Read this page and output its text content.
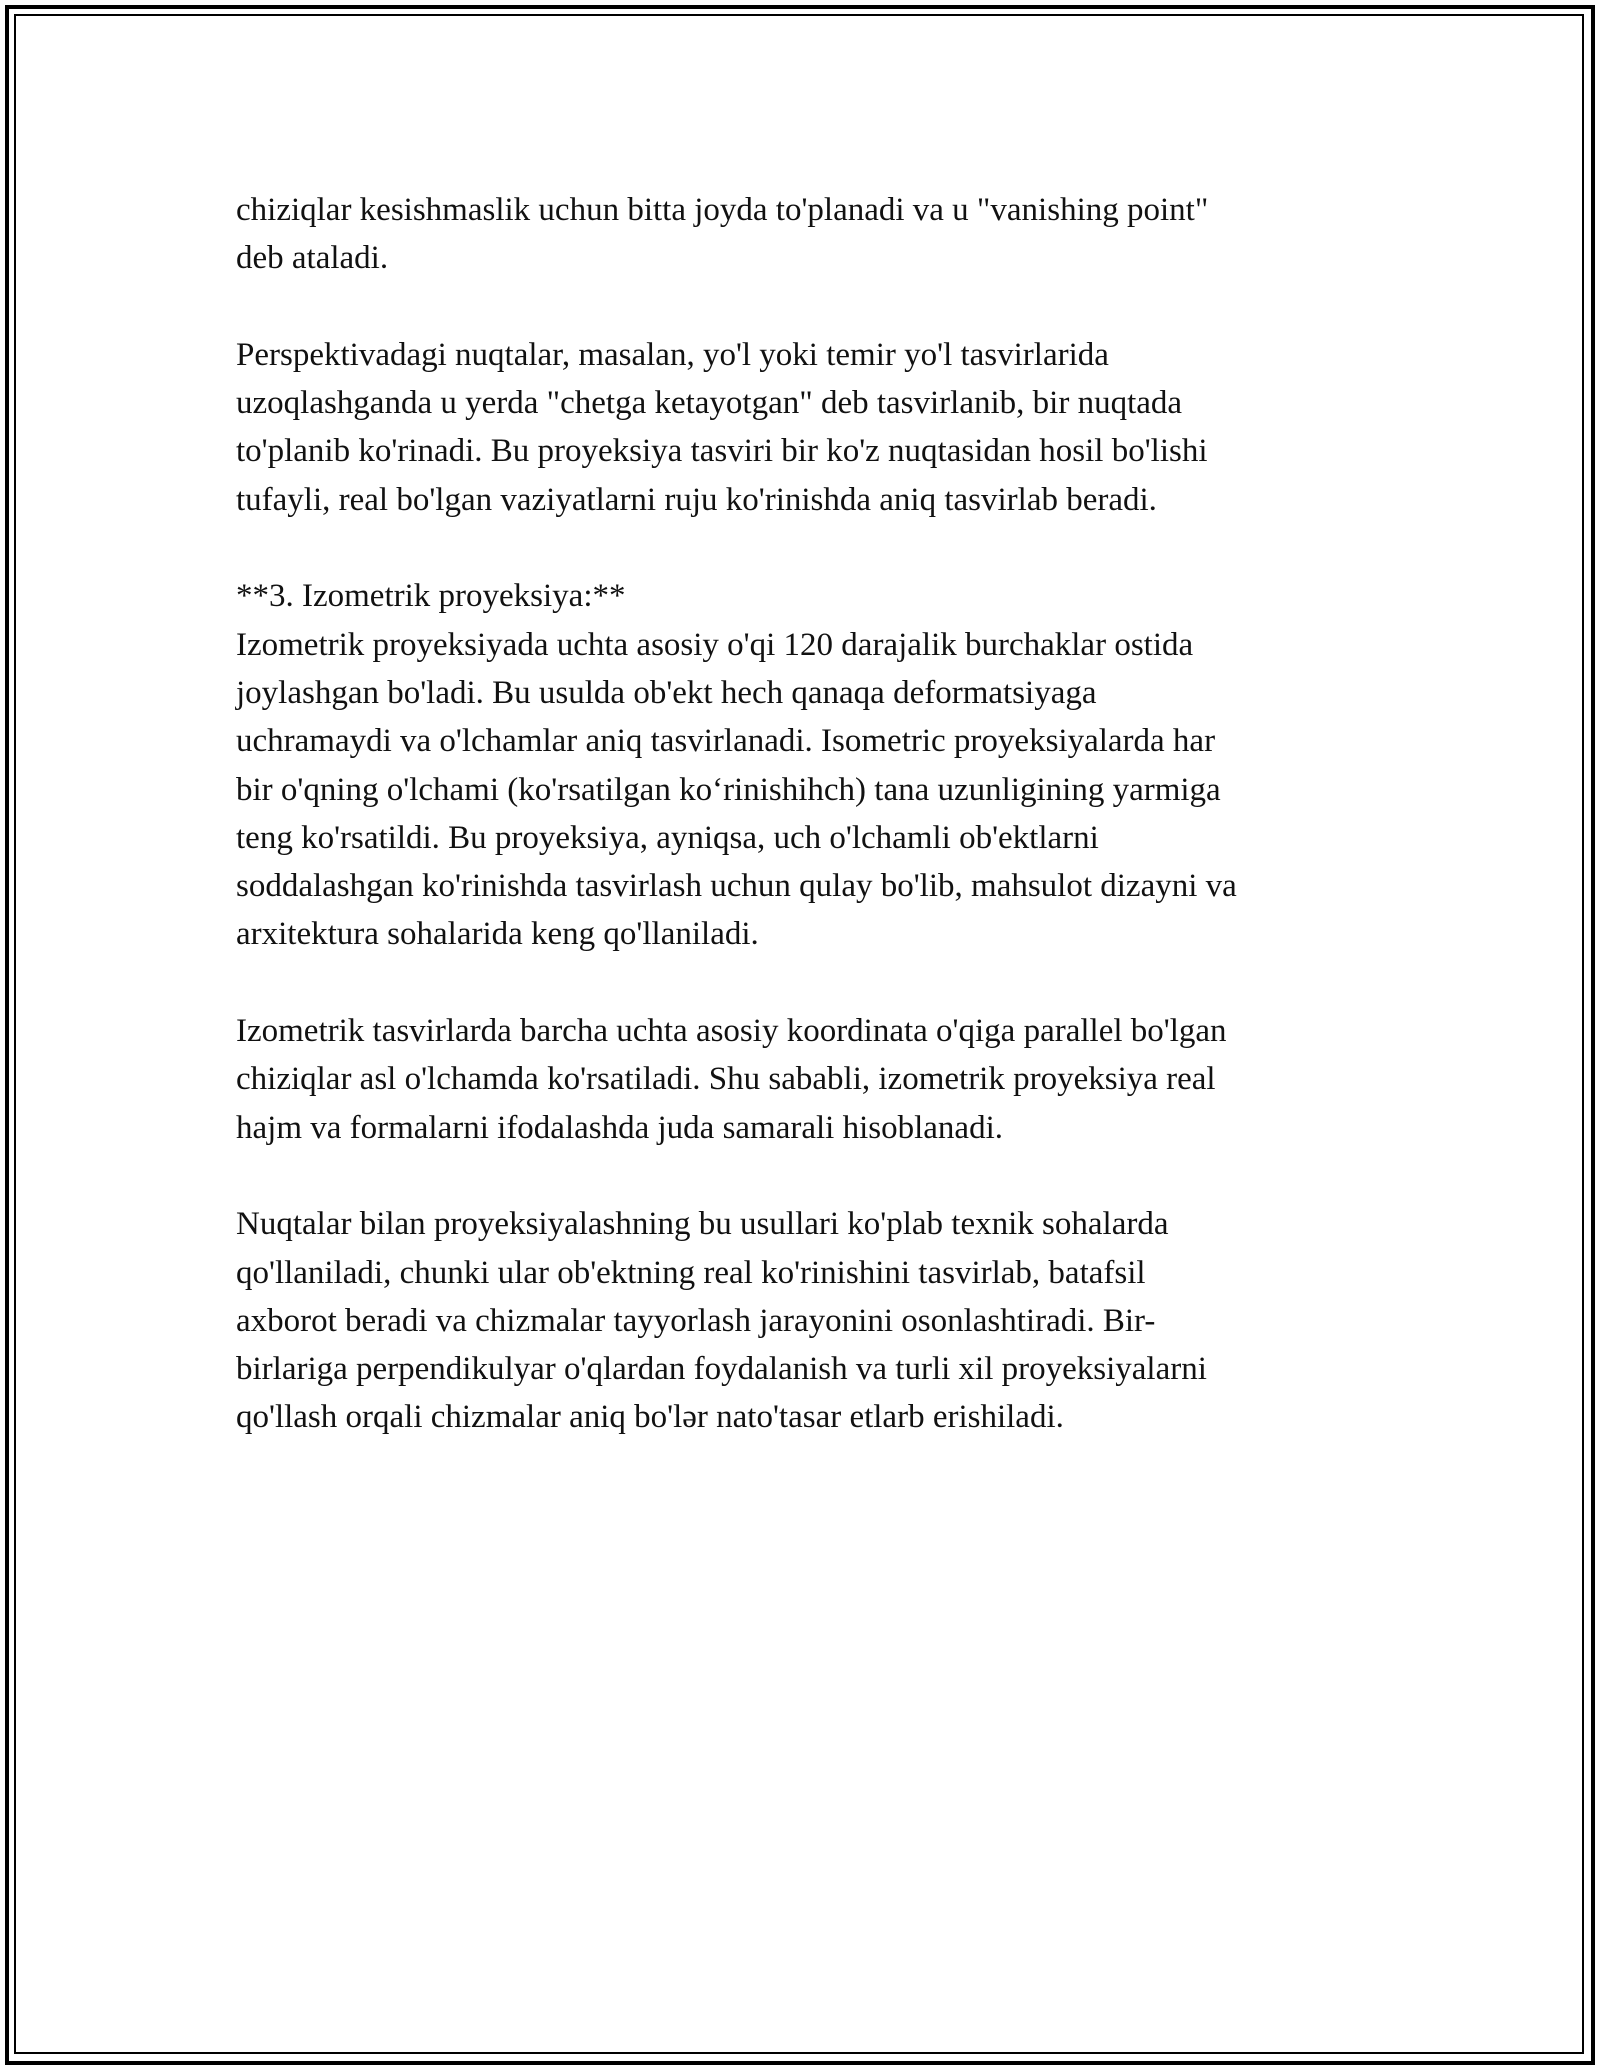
chiziqlar kesishmaslik uchun bitta joyda to'planadi va u "vanishing point"
deb ataladi.
Perspektivadagi nuqtalar, masalan, yo'l yoki temir yo'l tasvirlarida
uzoqlashganda u yerda "chetga ketayotgan" deb tasvirlanib, bir nuqtada
to'planib ko'rinadi. Bu proyeksiya tasviri bir ko'z nuqtasidan hosil bo'lishi
tufayli, real bo'lgan vaziyatlarni ruju ko'rinishda aniq tasvirlab beradi.
**3. Izometrik proyeksiya:**
Izometrik proyeksiyada uchta asosiy o'qi 120 darajalik burchaklar ostida
joylashgan bo'ladi. Bu usulda ob'ekt hech qanaqa deformatsiyaga
uchramaydi va o'lchamlar aniq tasvirlanadi. Isometric proyeksiyalarda har
bir o'qning o'lchami (ko'rsatilgan ko‘rinishihch) tana uzunligining yarmiga
teng ko'rsatildi. Bu proyeksiya, ayniqsa, uch o'lchamli ob'ektlarni
soddalashgan ko'rinishda tasvirlash uchun qulay bo'lib, mahsulot dizayni va
arxitektura sohalarida keng qo'llaniladi.
Izometrik tasvirlarda barcha uchta asosiy koordinata o'qiga parallel bo'lgan
chiziqlar asl o'lchamda ko'rsatiladi. Shu sababli, izometrik proyeksiya real
hajm va formalarni ifodalashda juda samarali hisoblanadi.
Nuqtalar bilan proyeksiyalashning bu usullari ko'plab texnik sohalarda
qo'llaniladi, chunki ular ob'ektning real ko'rinishini tasvirlab, batafsil
axborot beradi va chizmalar tayyorlash jarayonini osonlashtiradi. Bir-
birlariga perpendikulyar o'qlardan foydalanish va turli xil proyeksiyalarni
qo'llash orqali chizmalar aniq bo'lər nato'tasar etlarb erishiladi.
